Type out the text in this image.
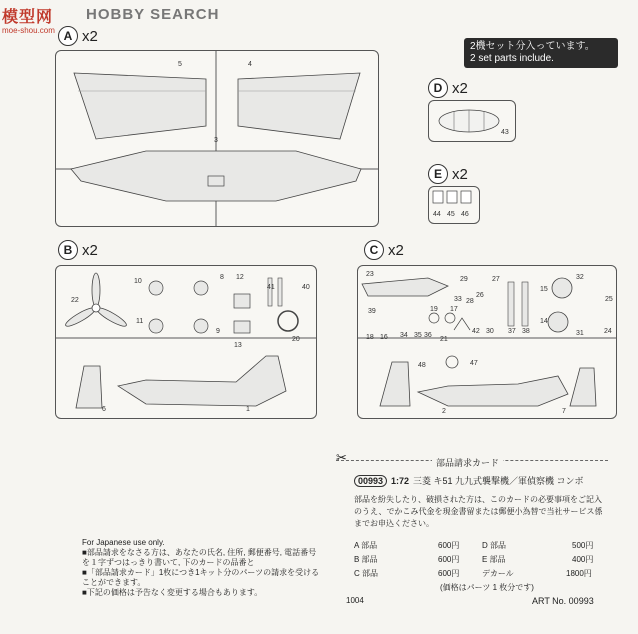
模型网 HOBBY SEARCH
moe-shou.com A x2
5	4
3
2機セット分入っています。
2 set parts include.
D x2
43
E x2
44 45 46
B x2
22
10
8 12
41	40
11
9
13
20
6	1
C x2
23
29	27
15
32
25
39
18 16
19
34 35 36
21
33
17
42 30
28
37 38
14
31	24
48	47
2	7
26
✂	部品請求カード
00993 1:72 三菱 キ51 九九式襲撃機／軍偵察機 コンボ
部品を紛失したり、破損された方は、このカードの必要事項をご記入のうえ、でかこみ代金を現金書留または郵便小為替で当社サービス係までお申込ください。
A 部品	600円	D 部品	500円
B 部品	600円	E 部品	400円
C 部品	600円	デカール	1800円
(価格はパーツ 1 枚分です)
1004	ART No. 00993
For Japanese use only.
■部品請求をなさる方は、あなたの氏名, 住所, 郵便番号, 電話番号を１字ずつはっきり書いて, 下のカードの品番と
■「部品請求カード」1枚につき1キット分のパーツの請求を受けることができます。
■下記の価格は予告なく変更する場合もあります。
